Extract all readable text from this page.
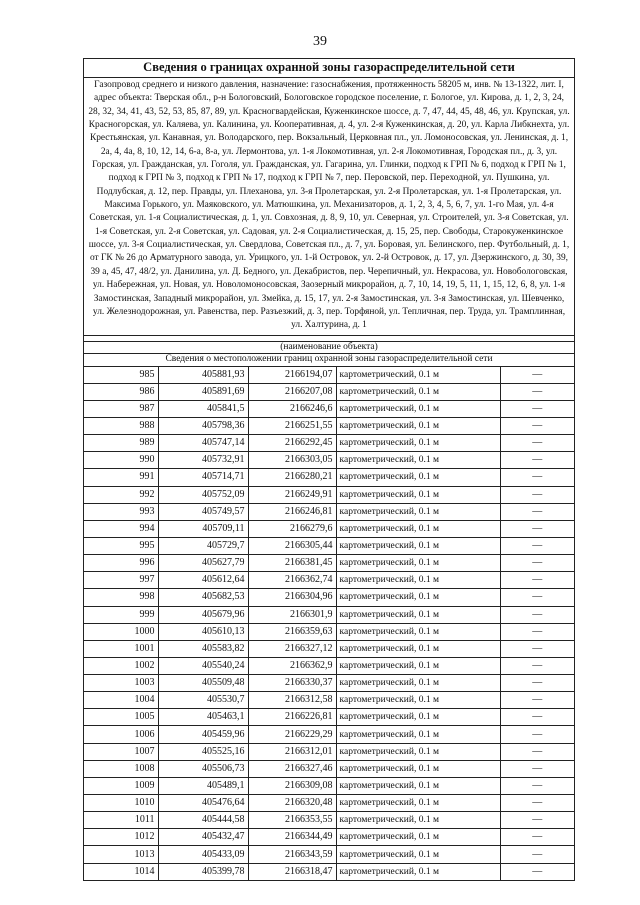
39
Сведения о границах охранной зоны газораспределительной сети
Газопровод среднего и низкого давления, назначение: газоснабжения, протяженность 58205 м, инв. № 13-1322, лит. I, адрес объекта: Тверская обл., р-н Бологовский, Бологовское городское поселение, г. Бологое, ул. Кирова, д. 1, 2, 3, 24, 28, 32, 34, 41, 43, 52, 53, 85, 87, 89, ул. Красногвардейская, Куженкинское шоссе, д. 7, 47, 44, 45, 48, 46, ул. Крупская, ул. Красногорская, ул. Каляева, ул. Калинина, ул. Кооперативная, д. 4, ул. 2-я Куженкинская, д. 20, ул. Карла Либкнехта, ул. Крестьянская, ул. Канавная, ул. Володарского, пер. Вокзальный, Церковная пл., ул. Ломоносовская, ул. Ленинская, д. 1, 2а, 4, 4а, 8, 10, 12, 14, 6-а, 8-а, ул. Лермонтова, ул. 1-я Локомотивная, ул. 2-я Локомотивная, Городская пл., д. 3, ул. Горская, ул. Гражданская, ул. Гоголя, ул. Гражданская, ул. Гагарина, ул. Глинки, подход к ГРП № 6, подход к ГРП № 1, подход к ГРП № 3, подход к ГРП № 17, подход к ГРП № 7, пер. Перовской, пер. Переходной, ул. Пушкина, ул. Подлубская, д. 12, пер. Правды, ул. Плеханова, ул. 3-я Пролетарская, ул. 2-я Пролетарская, ул. 1-я Пролетарская, ул. Максима Горького, ул. Маяковского, ул. Матюшкина, ул. Механизаторов, д. 1, 2, 3, 4, 5, 6, 7, ул. 1-го Мая, ул. 4-я Советская, ул. 1-я Социалистическая, д. 1, ул. Совхозная, д. 8, 9, 10, ул. Северная, ул. Строителей, ул. 3-я Советская, ул. 1-я Советская, ул. 2-я Советская, ул. Садовая, ул. 2-я Социалистическая, д. 15, 25, пер. Свободы, Старокуженкинское шоссе, ул. 3-я Социалистическая, ул. Свердлова, Советская пл., д. 7, ул. Боровая, ул. Белинского, пер. Футбольный, д. 1, от ГК № 26 до Арматурного завода, ул. Урицкого, ул. 1-й Островок, ул. 2-й Островок, д. 17, ул. Дзержинского, д. 30, 39, 39 а, 45, 47, 48/2, ул. Данилина, ул. Д. Бедного, ул. Декабристов, пер. Черепичный, ул. Некрасова, ул. Новобологовская, ул. Набережная, ул. Новая, ул. Новоломоносовская, Заозерный микрорайон, д. 7, 10, 14, 19, 5, 11, 1, 15, 12, 6, 8, ул. 1-я Замостинская, Западный микрорайон, ул. Змейка, д. 15, 17, ул. 2-я Замостинская, ул. 3-я Замостинская, ул. Шевченко, ул. Железнодорожная, ул. Равенства, пер. Разъезжий, д. 3, пер. Торфяной, ул. Тепличная, пер. Труда, ул. Трамплинная, ул. Халтурина, д. 1
(наименование объекта)
Сведения о местоположении границ охранной зоны газораспределительной сети
985	405881,93	2166194,07	картометрический, 0.1 м	—
986	405891,69	2166207,08	картометрический, 0.1 м	—
987	405841,5	2166246,6	картометрический, 0.1 м	—
988	405798,36	2166251,55	картометрический, 0.1 м	—
989	405747,14	2166292,45	картометрический, 0.1 м	—
990	405732,91	2166303,05	картометрический, 0.1 м	—
991	405714,71	2166280,21	картометрический, 0.1 м	—
992	405752,09	2166249,91	картометрический, 0.1 м	—
993	405749,57	2166246,81	картометрический, 0.1 м	—
994	405709,11	2166279,6	картометрический, 0.1 м	—
995	405729,7	2166305,44	картометрический, 0.1 м	—
996	405627,79	2166381,45	картометрический, 0.1 м	—
997	405612,64	2166362,74	картометрический, 0.1 м	—
998	405682,53	2166304,96	картометрический, 0.1 м	—
999	405679,96	2166301,9	картометрический, 0.1 м	—
1000	405610,13	2166359,63	картометрический, 0.1 м	—
1001	405583,82	2166327,12	картометрический, 0.1 м	—
1002	405540,24	2166362,9	картометрический, 0.1 м	—
1003	405509,48	2166330,37	картометрический, 0.1 м	—
1004	405530,7	2166312,58	картометрический, 0.1 м	—
1005	405463,1	2166226,81	картометрический, 0.1 м	—
1006	405459,96	2166229,29	картометрический, 0.1 м	—
1007	405525,16	2166312,01	картометрический, 0.1 м	—
1008	405506,73	2166327,46	картометрический, 0.1 м	—
1009	405489,1	2166309,08	картометрический, 0.1 м	—
1010	405476,64	2166320,48	картометрический, 0.1 м	—
1011	405444,58	2166353,55	картометрический, 0.1 м	—
1012	405432,47	2166344,49	картометрический, 0.1 м	—
1013	405433,09	2166343,59	картометрический, 0.1 м	—
1014	405399,78	2166318,47	картометрический, 0.1 м	—
